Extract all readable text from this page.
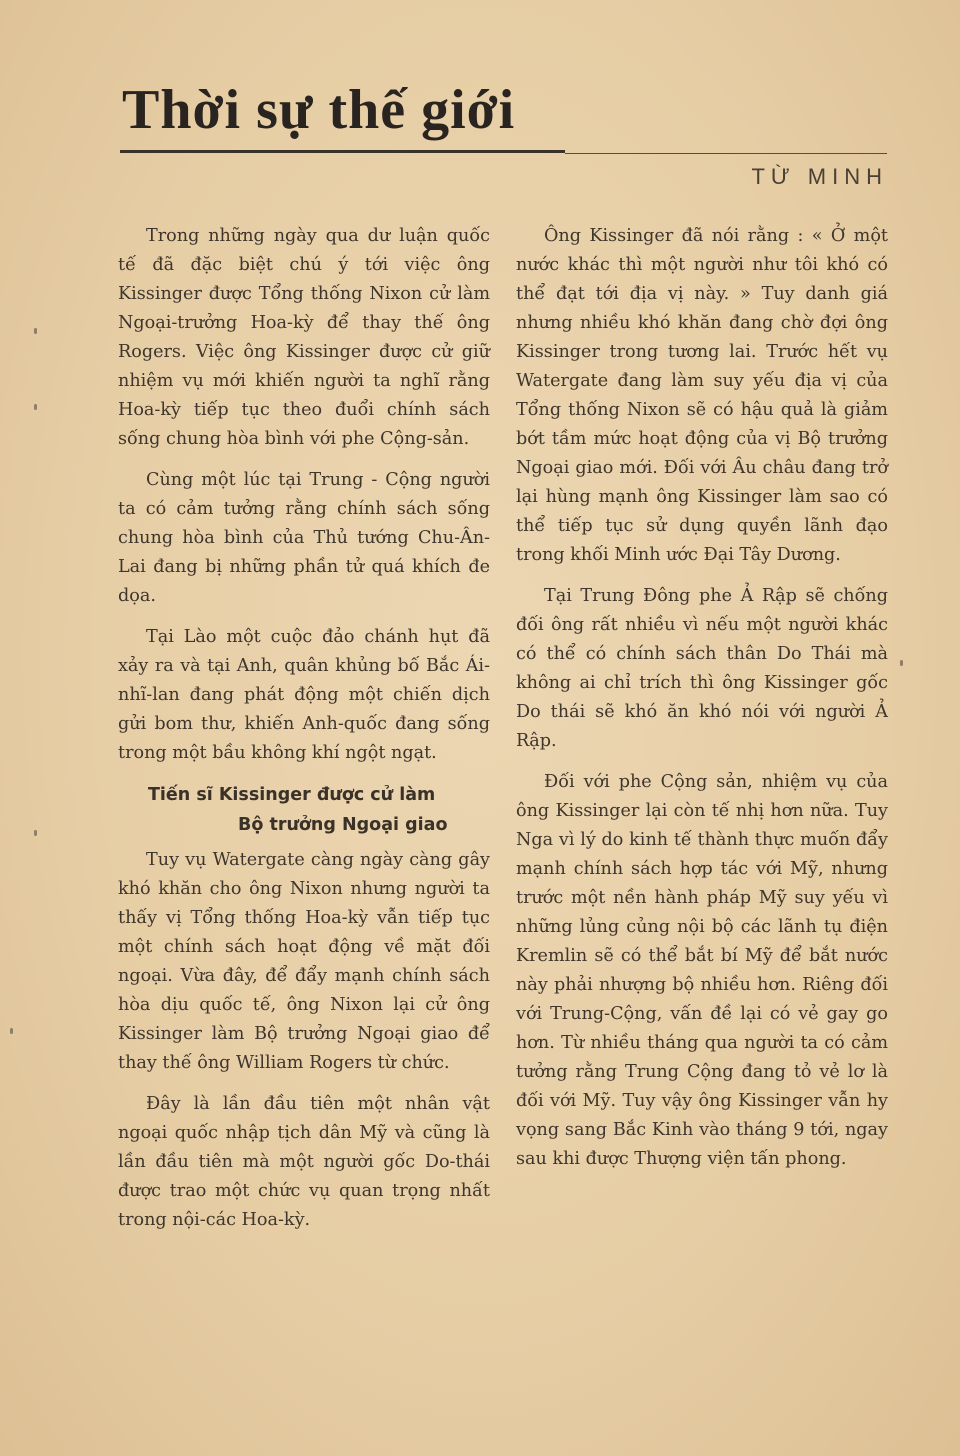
Thời sự thế giới
TỪ MINH

Trong những ngày qua dư luận quốc tế đã đặc biệt chú ý tới việc ông Kissinger được Tổng thống Nixon cử làm Ngoại-trưởng Hoa-kỳ để thay thế ông Rogers. Việc ông Kissinger được cử giữ nhiệm vụ mới khiến người ta nghĩ rằng Hoa-kỳ tiếp tục theo đuổi chính sách sống chung hòa bình với phe Cộng-sản.

Cùng một lúc tại Trung - Cộng người ta có cảm tưởng rằng chính sách sống chung hòa bình của Thủ tướng Chu-Ân-Lai đang bị những phần tử quá khích đe dọa.

Tại Lào một cuộc đảo chánh hụt đã xảy ra và tại Anh, quân khủng bố Bắc Ái-nhĩ-lan đang phát động một chiến dịch gửi bom thư, khiến Anh-quốc đang sống trong một bầu không khí ngột ngạt.

Tiến sĩ Kissinger được cử làm
Bộ trưởng Ngoại giao

Tuy vụ Watergate càng ngày càng gây khó khăn cho ông Nixon nhưng người ta thấy vị Tổng thống Hoa-kỳ vẫn tiếp tục một chính sách hoạt động về mặt đối ngoại. Vừa đây, để đẩy mạnh chính sách hòa dịu quốc tế, ông Nixon lại cử ông Kissinger làm Bộ trưởng Ngoại giao để thay thế ông William Rogers từ chức.

Đây là lần đầu tiên một nhân vật ngoại quốc nhập tịch dân Mỹ và cũng là lần đầu tiên mà một người gốc Do-thái được trao một chức vụ quan trọng nhất trong nội-các Hoa-kỳ.

Ông Kissinger đã nói rằng : « Ở một nước khác thì một người như tôi khó có thể đạt tới địa vị này. » Tuy danh giá nhưng nhiều khó khăn đang chờ đợi ông Kissinger trong tương lai. Trước hết vụ Watergate đang làm suy yếu địa vị của Tổng thống Nixon sẽ có hậu quả là giảm bớt tầm mức hoạt động của vị Bộ trưởng Ngoại giao mới. Đối với Âu châu đang trở lại hùng mạnh ông Kissinger làm sao có thể tiếp tục sử dụng quyền lãnh đạo trong khối Minh ước Đại Tây Dương.

Tại Trung Đông phe Ả Rập sẽ chống đối ông rất nhiều vì nếu một người khác có thể có chính sách thân Do Thái mà không ai chỉ trích thì ông Kissinger gốc Do thái sẽ khó ăn khó nói với người Ả Rập.

Đối với phe Cộng sản, nhiệm vụ của ông Kissinger lại còn tế nhị hơn nữa. Tuy Nga vì lý do kinh tế thành thực muốn đẩy mạnh chính sách hợp tác với Mỹ, nhưng trước một nền hành pháp Mỹ suy yếu vì những lủng củng nội bộ các lãnh tụ điện Kremlin sẽ có thể bắt bí Mỹ để bắt nước này phải nhượng bộ nhiều hơn. Riêng đối với Trung-Cộng, vấn đề lại có vẻ gay go hơn. Từ nhiều tháng qua người ta có cảm tưởng rằng Trung Cộng đang tỏ vẻ lơ là đối với Mỹ. Tuy vậy ông Kissinger vẫn hy vọng sang Bắc Kinh vào tháng 9 tới, ngay sau khi được Thượng viện tấn phong.
